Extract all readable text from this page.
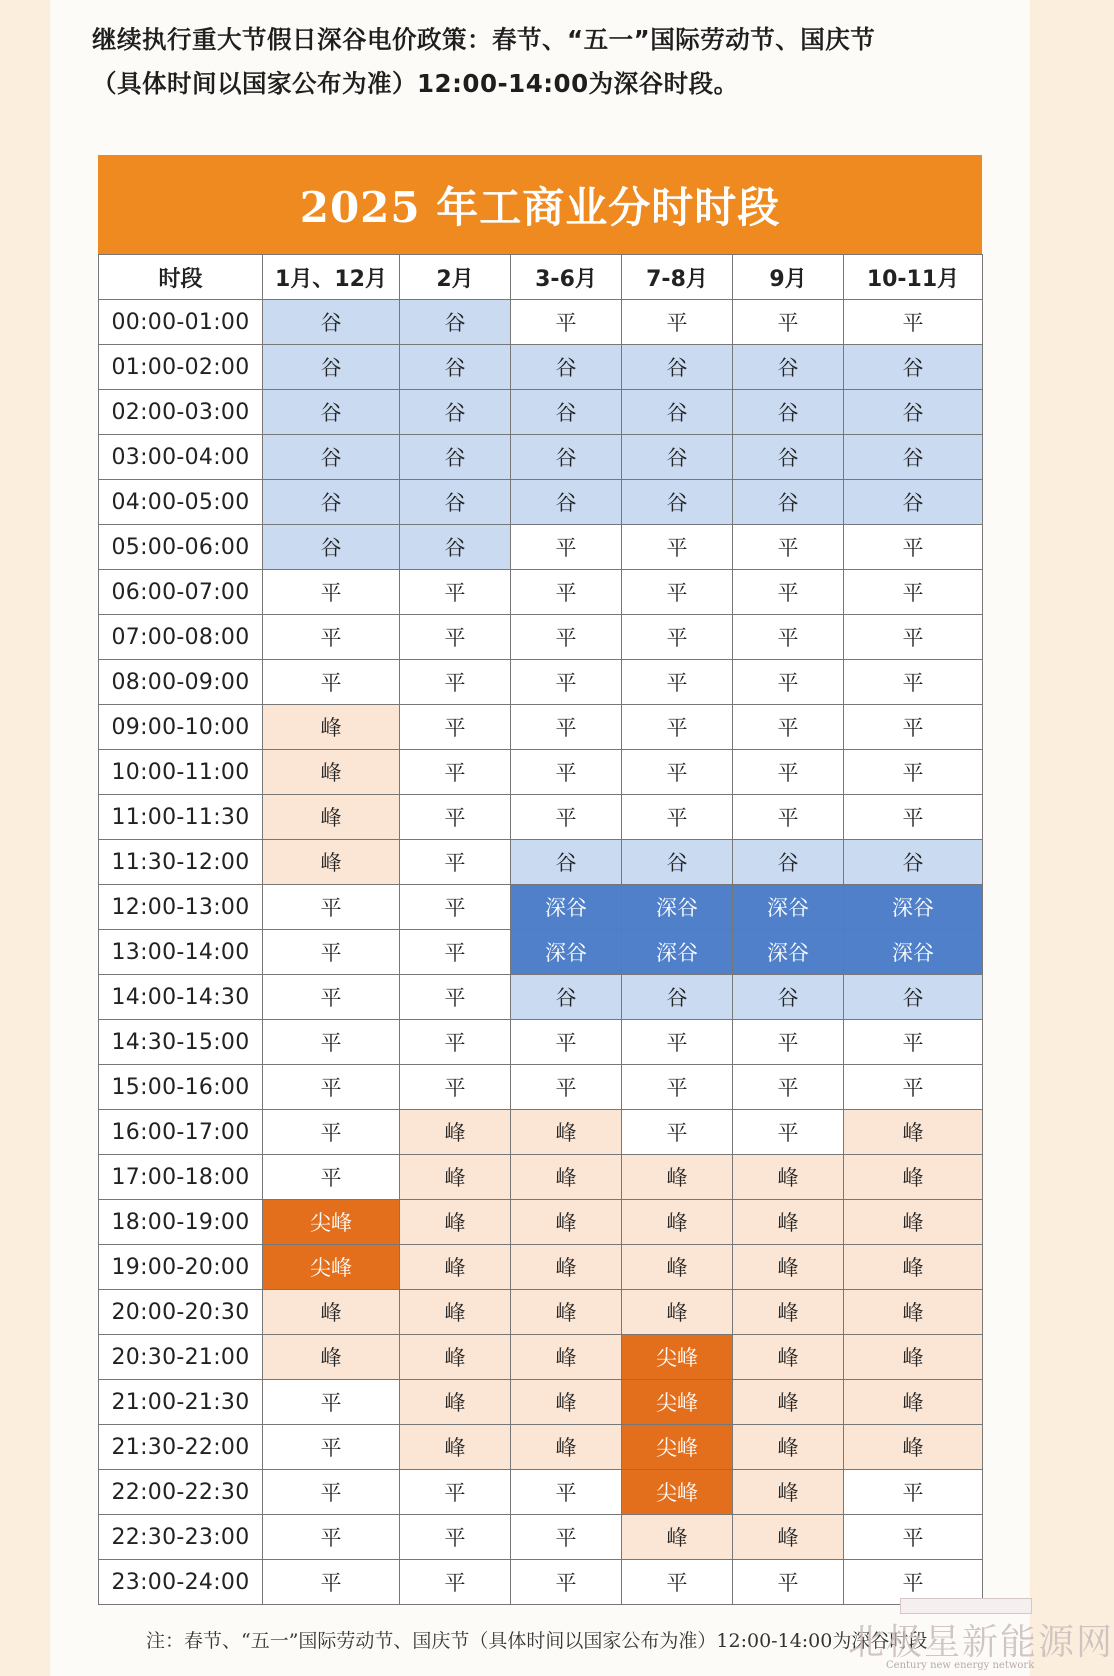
继续执行重大节假日深谷电价政策：春节、“五一”国际劳动节、国庆节
（具体时间以国家公布为准）12:00-14:00为深谷时段。
2025 年工商业分时时段
时段	1月、12月	2月	3-6月	7-8月	9月	10-11月
00:00-01:00	谷	谷	平	平	平	平
01:00-02:00	谷	谷	谷	谷	谷	谷
02:00-03:00	谷	谷	谷	谷	谷	谷
03:00-04:00	谷	谷	谷	谷	谷	谷
04:00-05:00	谷	谷	谷	谷	谷	谷
05:00-06:00	谷	谷	平	平	平	平
06:00-07:00	平	平	平	平	平	平
07:00-08:00	平	平	平	平	平	平
08:00-09:00	平	平	平	平	平	平
09:00-10:00	峰	平	平	平	平	平
10:00-11:00	峰	平	平	平	平	平
11:00-11:30	峰	平	平	平	平	平
11:30-12:00	峰	平	谷	谷	谷	谷
12:00-13:00	平	平	深谷	深谷	深谷	深谷
13:00-14:00	平	平	深谷	深谷	深谷	深谷
14:00-14:30	平	平	谷	谷	谷	谷
14:30-15:00	平	平	平	平	平	平
15:00-16:00	平	平	平	平	平	平
16:00-17:00	平	峰	峰	平	平	峰
17:00-18:00	平	峰	峰	峰	峰	峰
18:00-19:00	尖峰	峰	峰	峰	峰	峰
19:00-20:00	尖峰	峰	峰	峰	峰	峰
20:00-20:30	峰	峰	峰	峰	峰	峰
20:30-21:00	峰	峰	峰	尖峰	峰	峰
21:00-21:30	平	峰	峰	尖峰	峰	峰
21:30-22:00	平	峰	峰	尖峰	峰	峰
22:00-22:30	平	平	平	尖峰	峰	平
22:30-23:00	平	平	平	峰	峰	平
23:00-24:00	平	平	平	平	平	平
注：春节、“五一”国际劳动节、国庆节（具体时间以国家公布为准）12:00-14:00为深谷时段
北极星新能源网
Century new energy network
